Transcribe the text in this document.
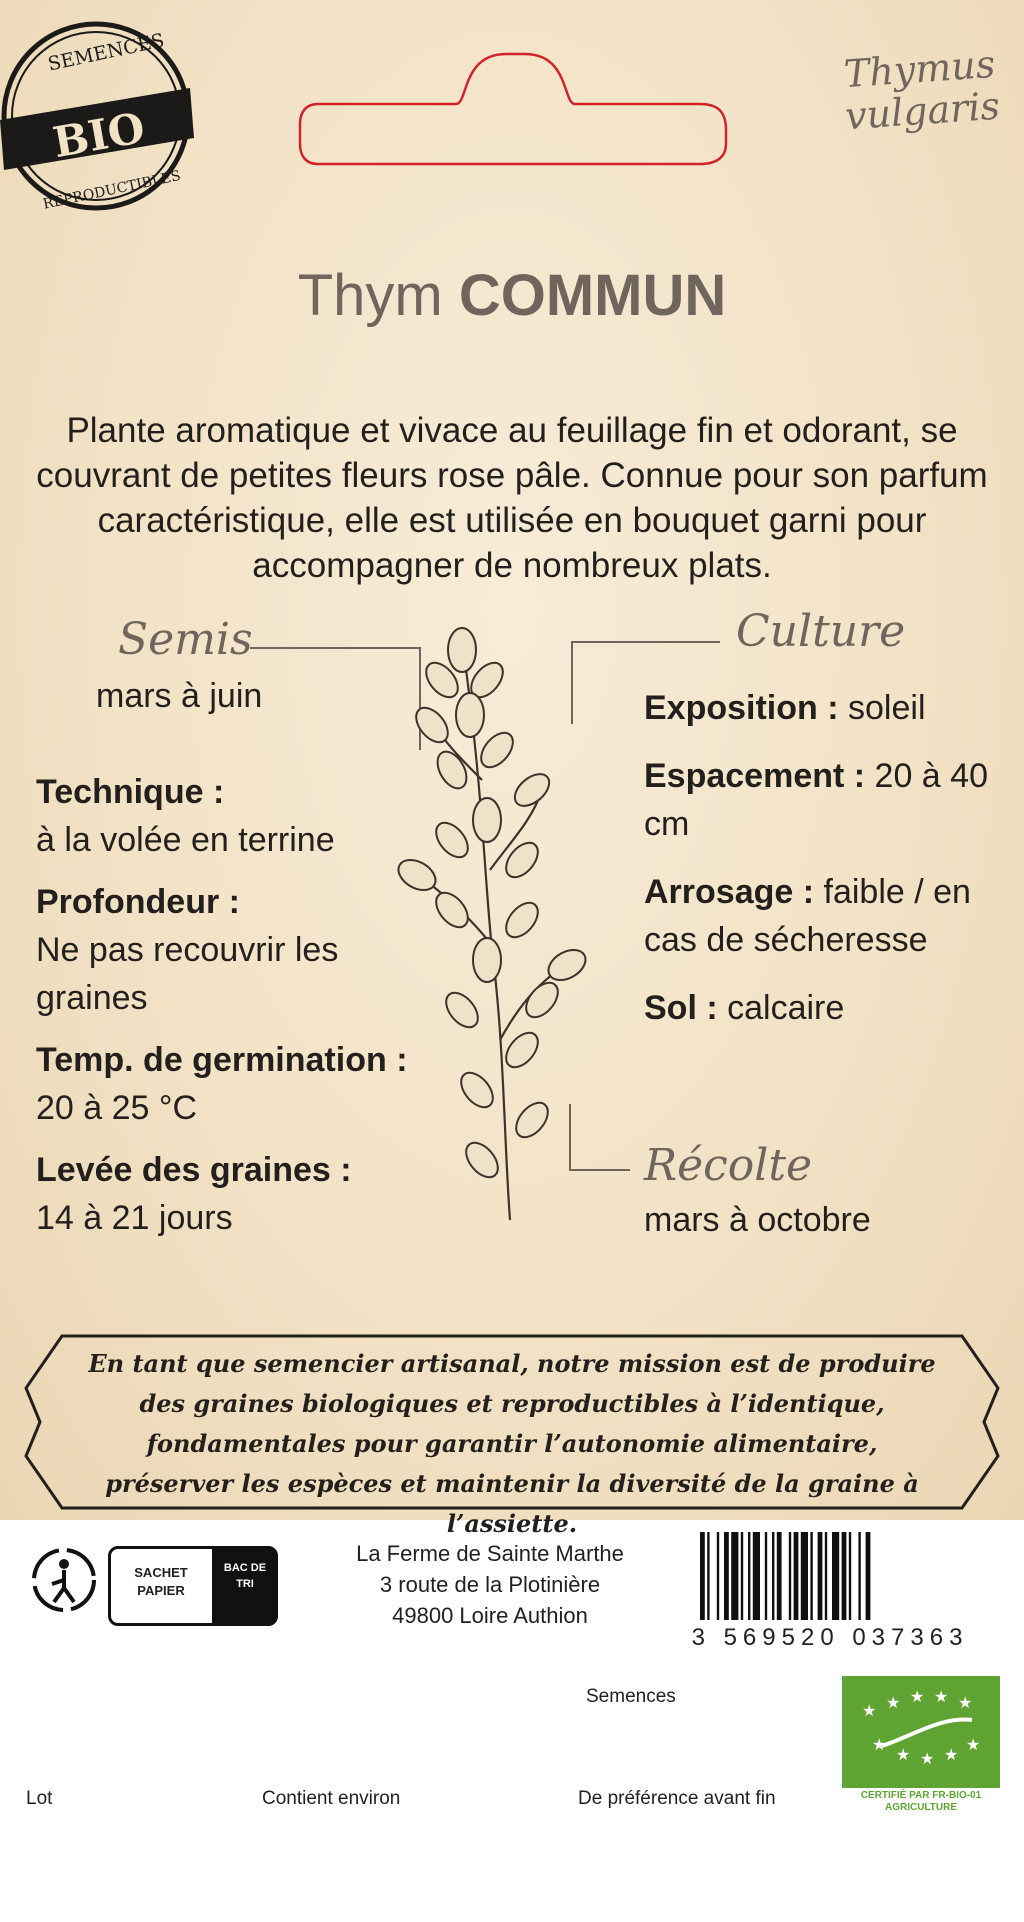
SEMENCES
BIO
REPRODUCTIBLES
Thymus vulgaris
Thym COMMUN
Plante aromatique et vivace au feuillage fin et odorant, se couvrant de petites fleurs rose pâle. Connue pour son parfum caractéristique, elle est utilisée en bouquet garni pour accompagner de nombreux plats.
Semis
mars à juin
Technique :
à la volée en terrine
Profondeur :
Ne pas recouvrir les graines
Temp. de germination :
20 à 25 °C
Levée des graines :
14 à 21 jours
Culture
Exposition : soleil
Espacement : 20 à 40 cm
Arrosage : faible / en cas de sécheresse
Sol : calcaire
Récolte
mars à octobre
En tant que semencier artisanal, notre mission est de produire des graines biologiques et reproductibles à l’identique, fondamentales pour garantir l’autonomie alimentaire, préserver les espèces et maintenir la diversité de la graine à l’assiette.
SACHET PAPIER
BAC DE TRI
La Ferme de Sainte Marthe
3 route de la Plotinière
49800 Loire Authion
3 569520 037363
Semences
Lot	Contient environ	De préférence avant fin
★ ★ ★ ★ ★
★
★ ★ ★
★
CERTIFIÉ PAR FR-BIO-01
AGRICULTURE
